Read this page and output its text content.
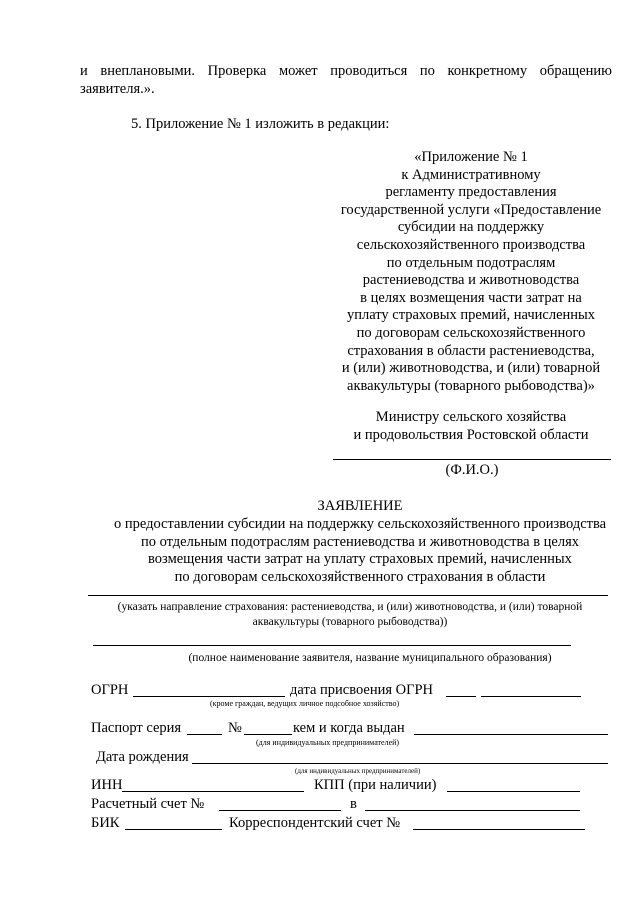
и внеплановыми. Проверка может проводиться по конкретному обращению
заявителя.».
5. Приложение № 1 изложить в редакции:
«Приложение № 1
к Административному
регламенту предоставления
государственной услуги «Предоставление
субсидии на поддержку
сельскохозяйственного производства
по отдельным подотраслям
растениеводства и животноводства
в целях возмещения части затрат на
уплату страховых премий, начисленных
по договорам сельскохозяйственного
страхования в области растениеводства,
и (или) животноводства, и (или) товарной
аквакультуры (товарного рыбоводства)»
Министру сельского хозяйства
и продовольствия Ростовской области
(Ф.И.О.)
ЗАЯВЛЕНИЕ
о предоставлении субсидии на поддержку сельскохозяйственного производства
по отдельным подотраслям растениеводства и животноводства в целях
возмещения части затрат на уплату страховых премий, начисленных
по договорам сельскохозяйственного страхования в области
(указать направление страхования: растениеводства, и (или) животноводства, и (или) товарной
аквакультуры (товарного рыбоводства))
(полное наименование заявителя, название муниципального образования)
ОГРН	дата присвоения ОГРН
(кроме граждан, ведущих личное подсобное хозяйство)
Паспорт серия	№	кем и когда выдан
(для индивидуальных предпринимателей)
Дата рождения
(для индивидуальных предпринимателей)
ИНН	КПП (при наличии)
Расчетный счет №	в
БИК	Корреспондентский счет №
